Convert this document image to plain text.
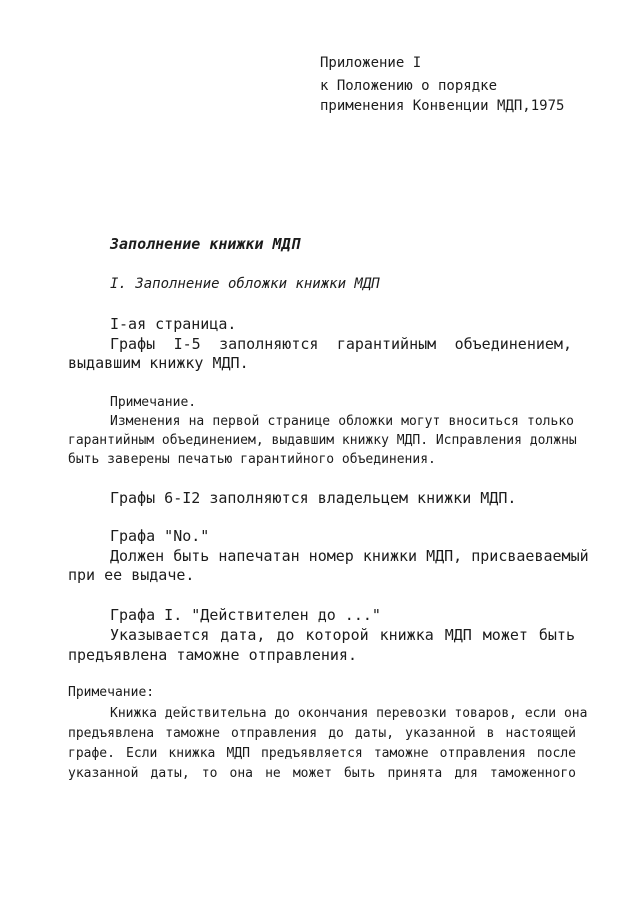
Приложение I
к Положению о порядке
применения Конвенции МДП,1975
Заполнение книжки МДП
I. Заполнение обложки книжки МДП
I-ая страница.
Графы I-5 заполняются гарантийным объединением,
выдавшим книжку МДП.
Примечание.
Изменения на первой странице обложки могут вноситься только
гарантийным объединением, выдавшим книжку МДП. Исправления должны
быть заверены печатью гарантийного объединения.
Графы 6-I2 заполняются владельцем книжки МДП.
Графа "No."
Должен быть напечатан номер книжки МДП, присваеваемый
при ее выдаче.
Графа I. "Действителен до ..."
Указывается дата, до которой книжка МДП может быть
предъявлена таможне отправления.
Примечание:
Книжка действительна до окончания перевозки товаров, если она
предъявлена таможне отправления до даты, указанной в настоящей
графе. Если книжка МДП предъявляется таможне отправления после
указанной даты, то она не может быть принята для таможенного
